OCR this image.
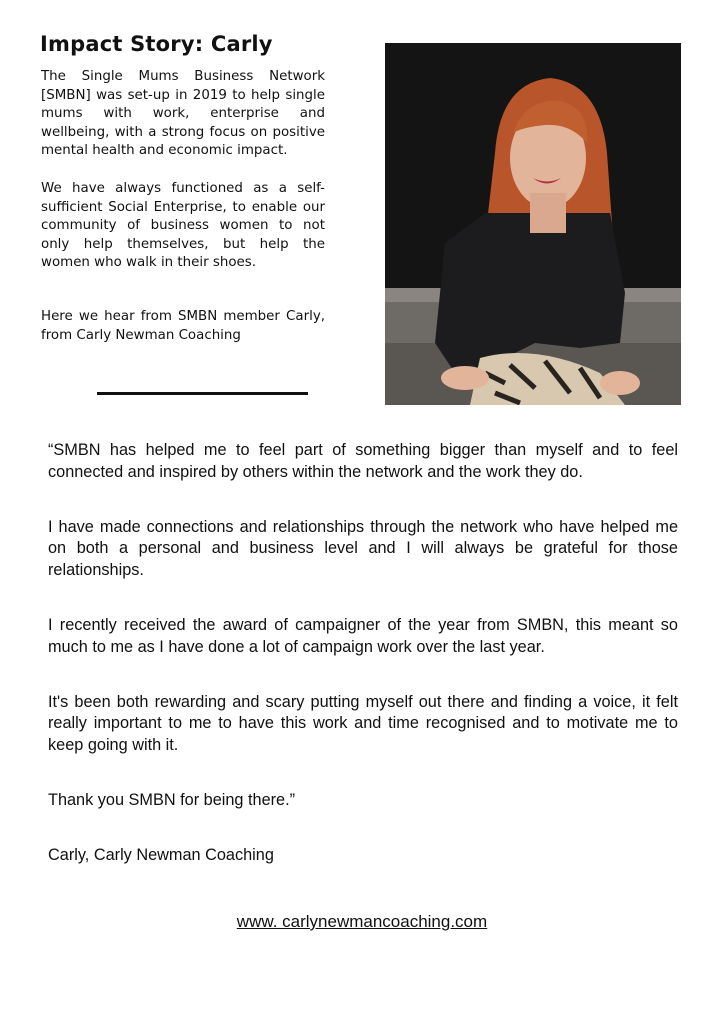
Impact Story: Carly

The Single Mums Business Network [SMBN] was set-up in 2019 to help single mums with work, enterprise and wellbeing, with a strong focus on positive mental health and economic impact.

We have always functioned as a self-sufficient Social Enterprise, to enable our community of business women to not only help themselves, but help the women who walk in their shoes.

Here we hear from SMBN member Carly, from Carly Newman Coaching

“SMBN has helped me to feel part of something bigger than myself and to feel connected and inspired by others within the network and the work they do.

I have made connections and relationships through the network who have helped me on both a personal and business level and I will always be grateful for those relationships.

I recently received the award of campaigner of the year from SMBN, this meant so much to me as I have done a lot of campaign work over the last year.

It's been both rewarding and scary putting myself out there and finding a voice, it felt really important to me to have this work and time recognised and to motivate me to keep going with it.

Thank you SMBN for being there.”

Carly, Carly Newman Coaching

www. carlynewmancoaching.com
